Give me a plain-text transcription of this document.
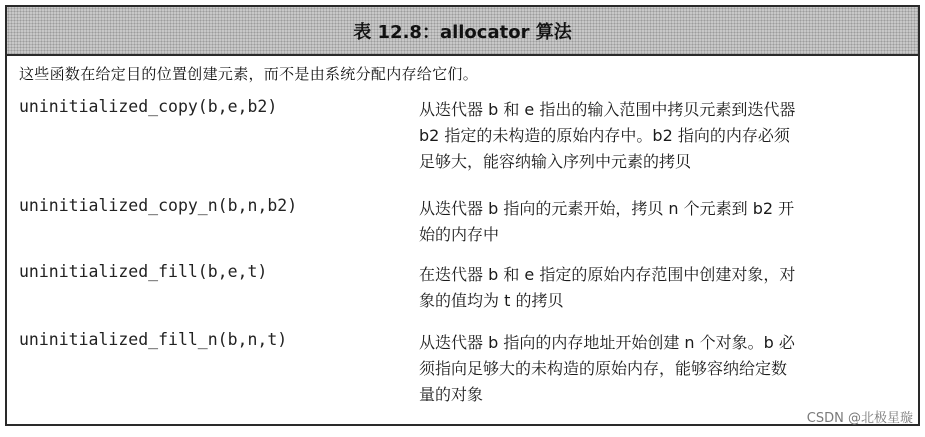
表 12.8：allocator 算法
这些函数在给定目的位置创建元素，而不是由系统分配内存给它们。
uninitialized_copy(b,e,b2)	从迭代器 b 和 e 指出的输入范围中拷贝元素到迭代器
b2 指定的未构造的原始内存中。b2 指向的内存必须
足够大，能容纳输入序列中元素的拷贝
uninitialized_copy_n(b,n,b2)	从迭代器 b 指向的元素开始，拷贝 n 个元素到 b2 开
始的内存中
uninitialized_fill(b,e,t)	在迭代器 b 和 e 指定的原始内存范围中创建对象，对
象的值均为 t 的拷贝
uninitialized_fill_n(b,n,t)	从迭代器 b 指向的内存地址开始创建 n 个对象。b 必
须指向足够大的未构造的原始内存，能够容纳给定数
量的对象
CSDN @北极星璇
